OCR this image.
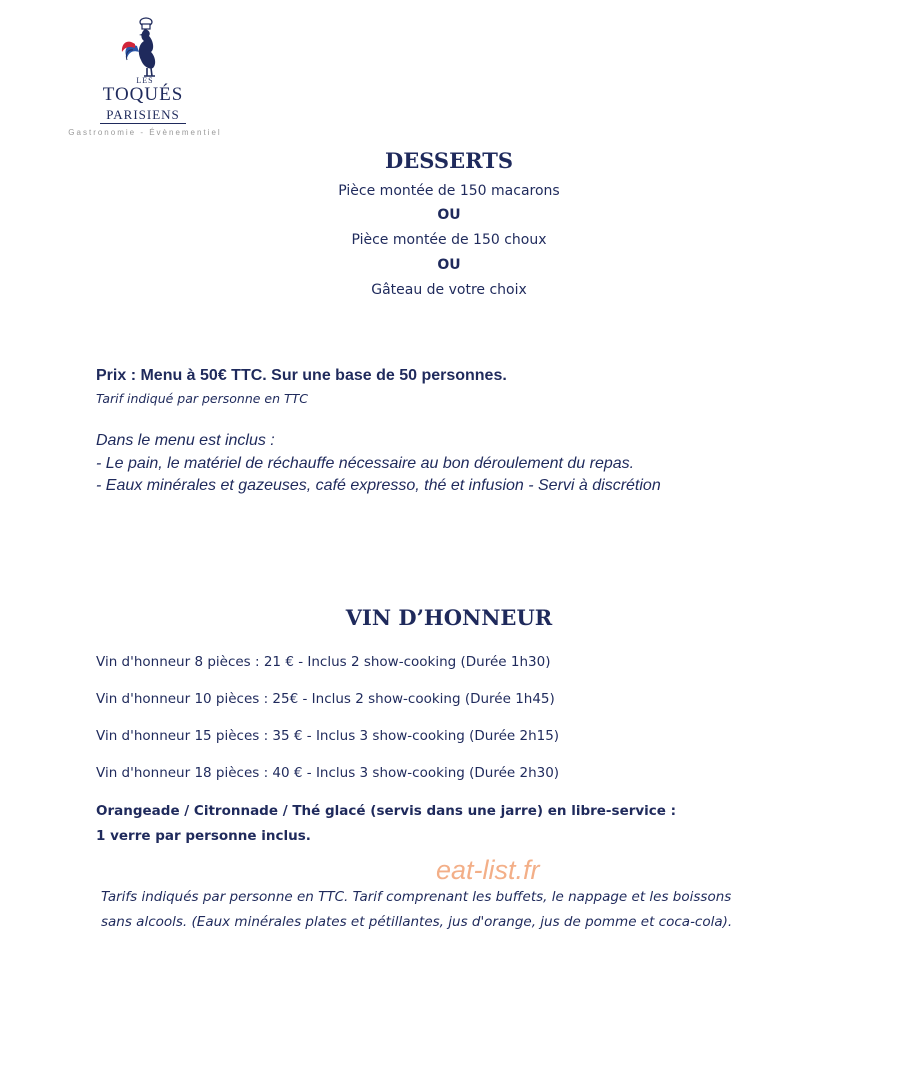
LES
TOQUÉS
PARISIENS
Gastronomie - Évènementiel
DESSERTS
Pièce montée de 150 macarons
OU
Pièce montée de 150 choux
OU
Gâteau de votre choix
Prix : Menu à 50€ TTC. Sur une base de 50 personnes.
Tarif indiqué par personne en TTC
Dans le menu est inclus :
- Le pain, le matériel de réchauffe nécessaire au bon déroulement du repas.
- Eaux minérales et gazeuses, café expresso, thé et infusion - Servi à discrétion
VIN D’HONNEUR
Vin d'honneur 8 pièces : 21 € - Inclus 2 show-cooking (Durée 1h30)
Vin d'honneur 10 pièces : 25€ - Inclus 2 show-cooking (Durée 1h45)
Vin d'honneur 15 pièces : 35 € - Inclus 3 show-cooking (Durée 2h15)
Vin d'honneur 18 pièces : 40 € - Inclus 3 show-cooking (Durée 2h30)
Orangeade / Citronnade / Thé glacé (servis dans une jarre) en libre-service :
1 verre par personne inclus.
eat-list.fr
Tarifs indiqués par personne en TTC. Tarif comprenant les buffets, le nappage et les boissons
sans alcools. (Eaux minérales plates et pétillantes, jus d'orange, jus de pomme et coca-cola).
